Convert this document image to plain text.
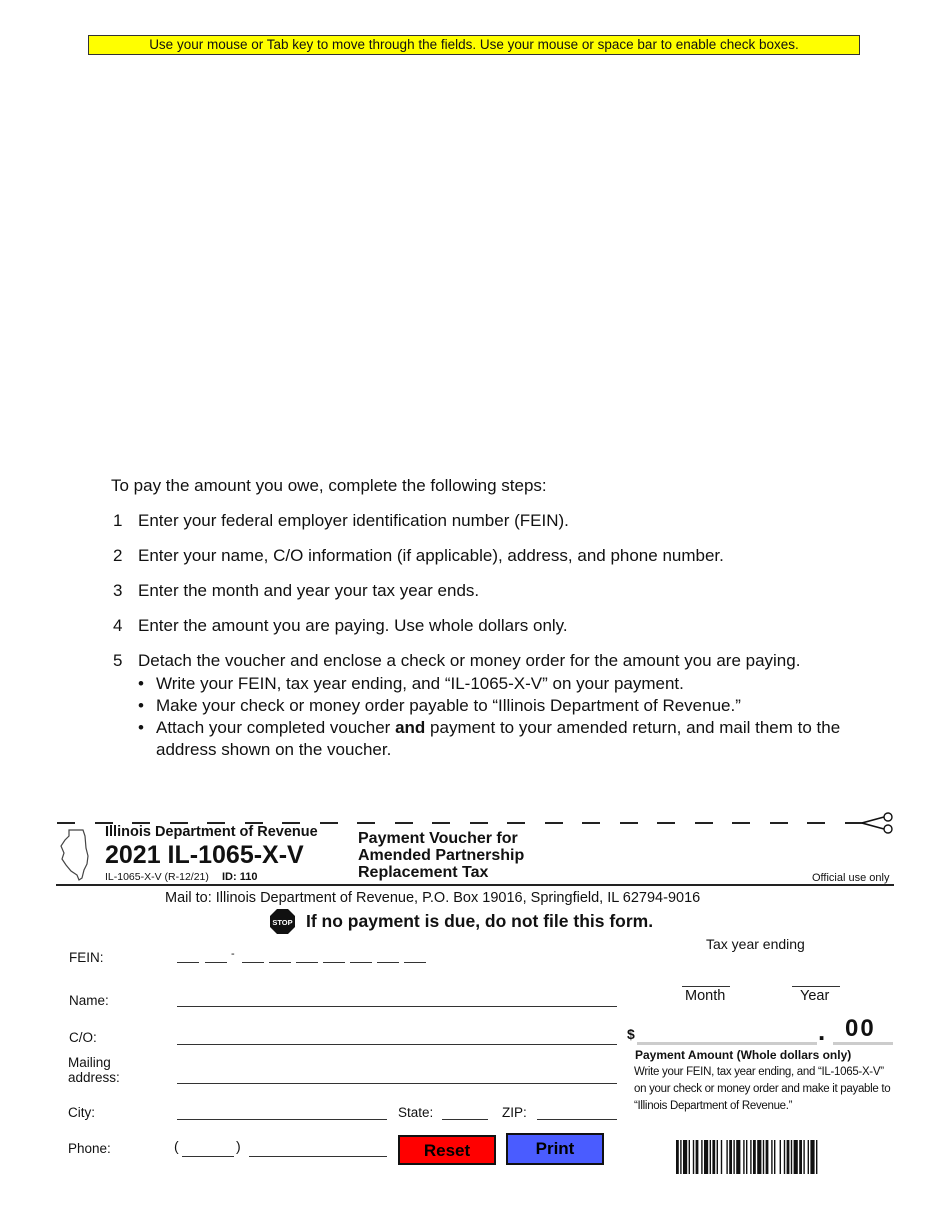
Use your mouse or Tab key to move through the fields. Use your mouse or space bar to enable check boxes.
To pay the amount you owe, complete the following steps:
1 Enter your federal employer identification number (FEIN).
2 Enter your name, C/O information (if applicable), address, and phone number.
3 Enter the month and year your tax year ends.
4 Enter the amount you are paying. Use whole dollars only.
5 Detach the voucher and enclose a check or money order for the amount you are paying.
• Write your FEIN, tax year ending, and “IL-1065-X-V” on your payment.
• Make your check or money order payable to “Illinois Department of Revenue.”
• Attach your completed voucher and payment to your amended return, and mail them to the address shown on the voucher.
Illinois Department of Revenue
2021 IL-1065-X-V
IL-1065-X-V (R-12/21) ID: 110
Payment Voucher for
Amended Partnership
Replacement Tax	Official use only
Mail to: Illinois Department of Revenue, P.O. Box 19016, Springfield, IL 62794-9016
STOP If no payment is due, do not file this form.
FEIN:	-
Name:
C/O:
Mailing
address:
City:	State:	ZIP:
Phone:	(	)	Reset	Print
Tax year ending
Month	Year
$	. 00
Payment Amount (Whole dollars only)
Write your FEIN, tax year ending, and “IL-1065-X-V” on your check or money order and make it payable to “Illinois Department of Revenue.”
